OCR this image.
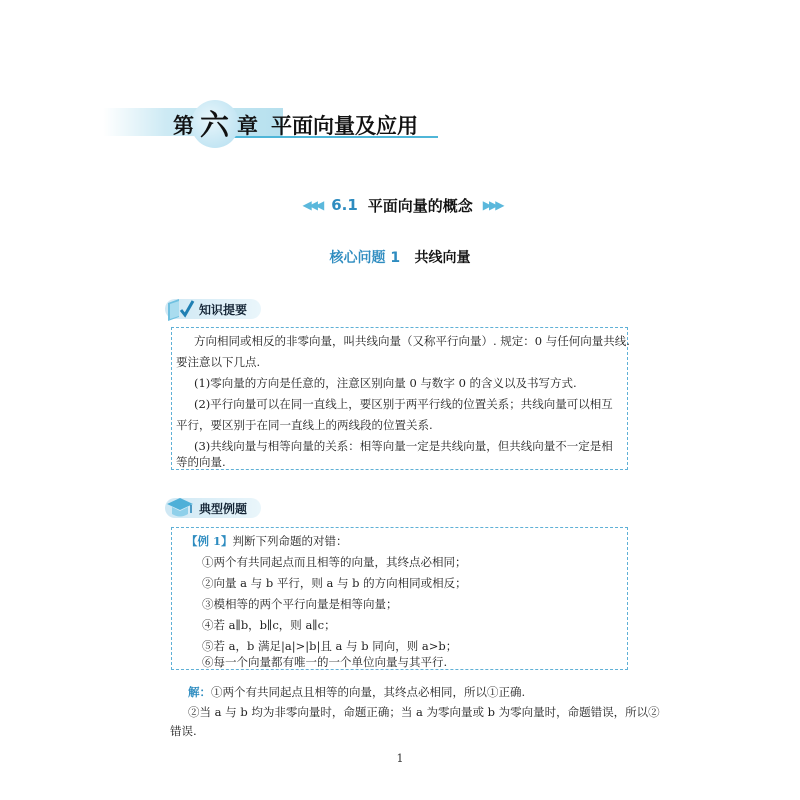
第 六 章 平面向量及应用
◀◀◀ 6.1 平面向量的概念 ▶▶▶
核心问题 1 共线向量
知识提要
方向相同或相反的非零向量，叫共线向量（又称平行向量）. 规定：0 与任何向量共线.
要注意以下几点.
(1)零向量的方向是任意的，注意区别向量 0 与数字 0 的含义以及书写方式.
(2)平行向量可以在同一直线上，要区别于两平行线的位置关系；共线向量可以相互
平行，要区别于在同一直线上的两线段的位置关系.
(3)共线向量与相等向量的关系：相等向量一定是共线向量，但共线向量不一定是相
等的向量.
典型例题
【例 1】判断下列命题的对错：
①两个有共同起点而且相等的向量，其终点必相同；
②向量 a 与 b 平行，则 a 与 b 的方向相同或相反；
③模相等的两个平行向量是相等向量；
④若 a∥b，b∥c，则 a∥c；
⑤若 a，b 满足|a|>|b|且 a 与 b 同向，则 a>b；
⑥每一个向量都有唯一的一个单位向量与其平行.
解：①两个有共同起点且相等的向量，其终点必相同，所以①正确.
②当 a 与 b 均为非零向量时，命题正确；当 a 为零向量或 b 为零向量时，命题错误，所以②
错误.
1
